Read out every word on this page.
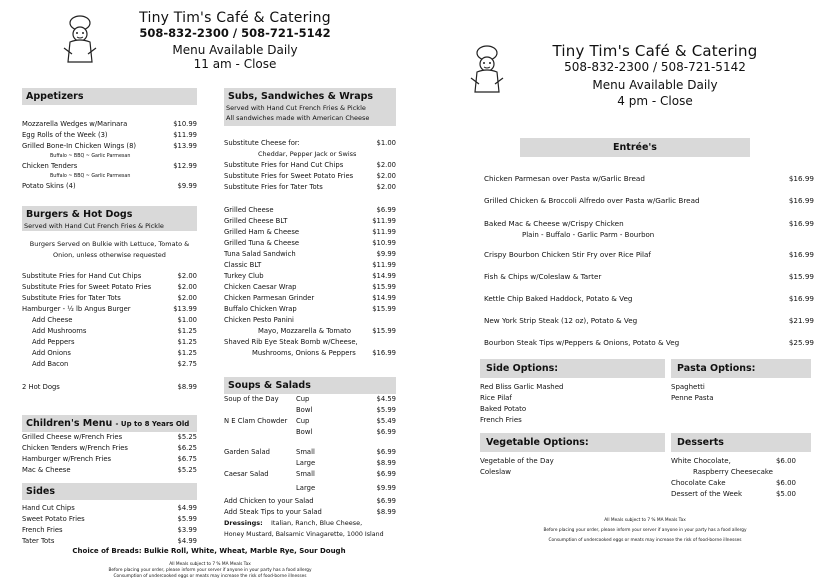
Tiny Tim's Café & Catering
508-832-2300 / 508-721-5142
Menu Available Daily
11 am - Close
Appetizers
Mozzarella Wedges w/Marinara	$10.99
Egg Rolls of the Week (3)	$11.99
Grilled Bone-In Chicken Wings (8)	$13.99
Buffalo ~ BBQ ~ Garlic Parmesan
Chicken Tenders	$12.99
Buffalo ~ BBQ ~ Garlic Parmesan
Potato Skins (4)	$9.99
Burgers & Hot Dogs
Served with Hand Cut French Fries & Pickle
Burgers Served on Bulkie with Lettuce, Tomato &
Onion, unless otherwise requested
Substitute Fries for Hand Cut Chips	$2.00
Substitute Fries for Sweet Potato Fries	$2.00
Substitute Fries for Tater Tots	$2.00
Hamburger - ½ lb Angus Burger	$13.99
Add Cheese	$1.00
Add Mushrooms	$1.25
Add Peppers	$1.25
Add Onions	$1.25
Add Bacon	$2.75
2 Hot Dogs	$8.99
Children's Menu - Up to 8 Years Old
Grilled Cheese w/French Fries	$5.25
Chicken Tenders w/French Fries	$6.25
Hamburger w/French Fries	$6.75
Mac & Cheese	$5.25
Sides
Hand Cut Chips	$4.99
Sweet Potato Fries	$5.99
French Fries	$3.99
Tater Tots	$4.99
Subs, Sandwiches & Wraps
Served with Hand Cut French Fries & Pickle
All sandwiches made with American Cheese
Substitute Cheese for:	$1.00
Cheddar, Pepper Jack or Swiss
Substitute Fries for Hand Cut Chips	$2.00
Substitute Fries for Sweet Potato Fries	$2.00
Substitute Fries for Tater Tots	$2.00
Grilled Cheese	$6.99
Grilled Cheese BLT	$11.99
Grilled Ham & Cheese	$11.99
Grilled Tuna & Cheese	$10.99
Tuna Salad Sandwich	$9.99
Classic BLT	$11.99
Turkey Club	$14.99
Chicken Caesar Wrap	$15.99
Chicken Parmesan Grinder	$14.99
Buffalo Chicken Wrap	$15.99
Chicken Pesto Panini
Mayo, Mozzarella & Tomato	$15.99
Shaved Rib Eye Steak Bomb w/Cheese,
Mushrooms, Onions & Peppers $16.99
Soups & Salads
Soup of the Day	Cup	$4.59
Bowl	$5.99
N E Clam Chowder	Cup	$5.49
Bowl	$6.99
Garden Salad	Small	$6.99
Large	$8.99
Caesar Salad	Small	$6.99
Large	$9.99
Add Chicken to your Salad	$6.99
Add Steak Tips to your Salad	$8.99
Dressings: Italian, Ranch, Blue Cheese,
Honey Mustard, Balsamic Vinagarette, 1000 Island
Choice of Breads: Bulkie Roll, White, Wheat, Marble Rye, Sour Dough
All Meals subject to 7 % MA Meals Tax
Before placing your order, please inform your server if anyone in your party has a food allergy
Consumption of undercooked eggs or meats may increase the risk of food-borne illnesses
Tiny Tim's Café & Catering
508-832-2300 / 508-721-5142
Menu Available Daily
4 pm - Close
Entrée's
Chicken Parmesan over Pasta w/Garlic Bread	$16.99
Grilled Chicken & Broccoli Alfredo over Pasta w/Garlic Bread	$16.99
Baked Mac & Cheese w/Crispy Chicken	$16.99
Plain - Buffalo - Garlic Parm - Bourbon
Crispy Bourbon Chicken Stir Fry over Rice Pilaf	$16.99
Fish & Chips w/Coleslaw & Tarter	$15.99
Kettle Chip Baked Haddock, Potato & Veg	$16.99
New York Strip Steak (12 oz), Potato & Veg	$21.99
Bourbon Steak Tips w/Peppers & Onions, Potato & Veg	$25.99
Side Options:
Red Bliss Garlic Mashed
Rice Pilaf
Baked Potato
French Fries
Pasta Options:
Spaghetti
Penne Pasta
Vegetable Options:
Vegetable of the Day
Coleslaw
Desserts
White Chocolate,	$6.00
Raspberry Cheesecake
Chocolate Cake	$6.00
Dessert of the Week	$5.00
All Meals subject to 7 % MA Meals Tax
Before placing your order, please inform your server if anyone in your party has a food allergy
Consumption of undercooked eggs or meats may increase the risk of food-borne illnesses
